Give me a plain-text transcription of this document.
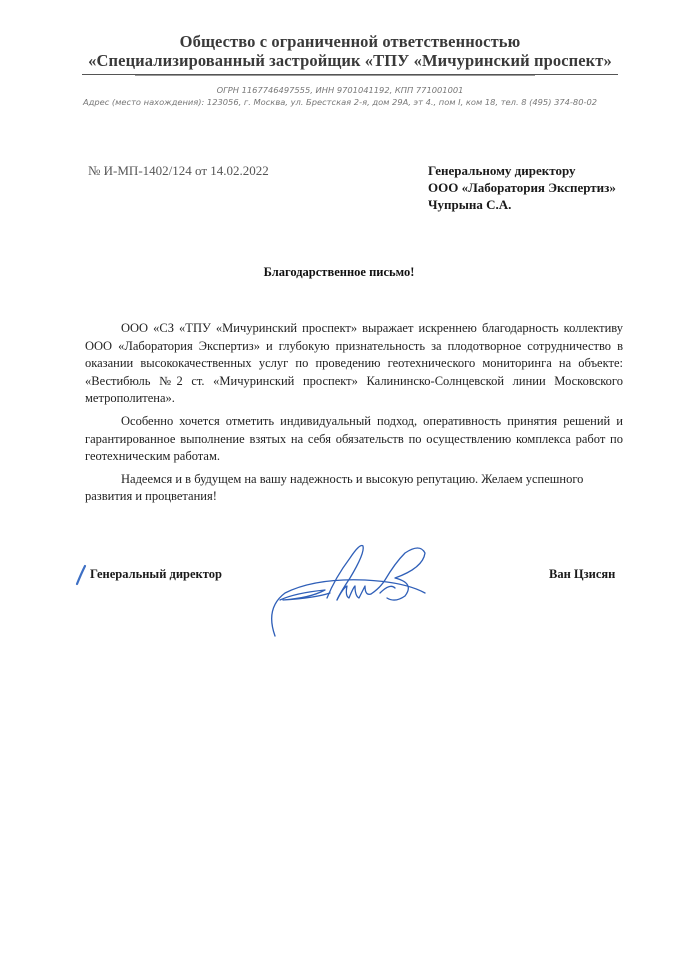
Общество с ограниченной ответственностью
«Специализированный застройщик «ТПУ «Мичуринский проспект»
ОГРН 1167746497555, ИНН 9701041192, КПП 771001001
Адрес (место нахождения): 123056, г. Москва, ул. Брестская 2-я, дом 29А, эт 4., пом I, ком 18, тел. 8 (495) 374-80-02
№ И-МП-1402/124 от 14.02.2022	Генеральному директору
ООО «Лаборатория Экспертиз»
Чупрына С.А.
Благодарственное письмо!

ООО «СЗ «ТПУ «Мичуринский проспект» выражает искреннею благодарность коллективу ООО «Лаборатория Экспертиз» и глубокую признательность за плодотворное сотрудничество в оказании высококачественных услуг по проведению геотехнического мониторинга на объекте: «Вестибюль №2 ст. «Мичуринский проспект» Калининско-Солнцевской линии Московского метрополитена».

Особенно хочется отметить индивидуальный подход, оперативность принятия решений и гарантированное выполнение взятых на себя обязательств по осуществлению комплекса работ по геотехническим работам.

Надеемся и в будущем на вашу надежность и высокую репутацию. Желаем успешного развития и процветания!

Генеральный директор	Ван Цзисян
